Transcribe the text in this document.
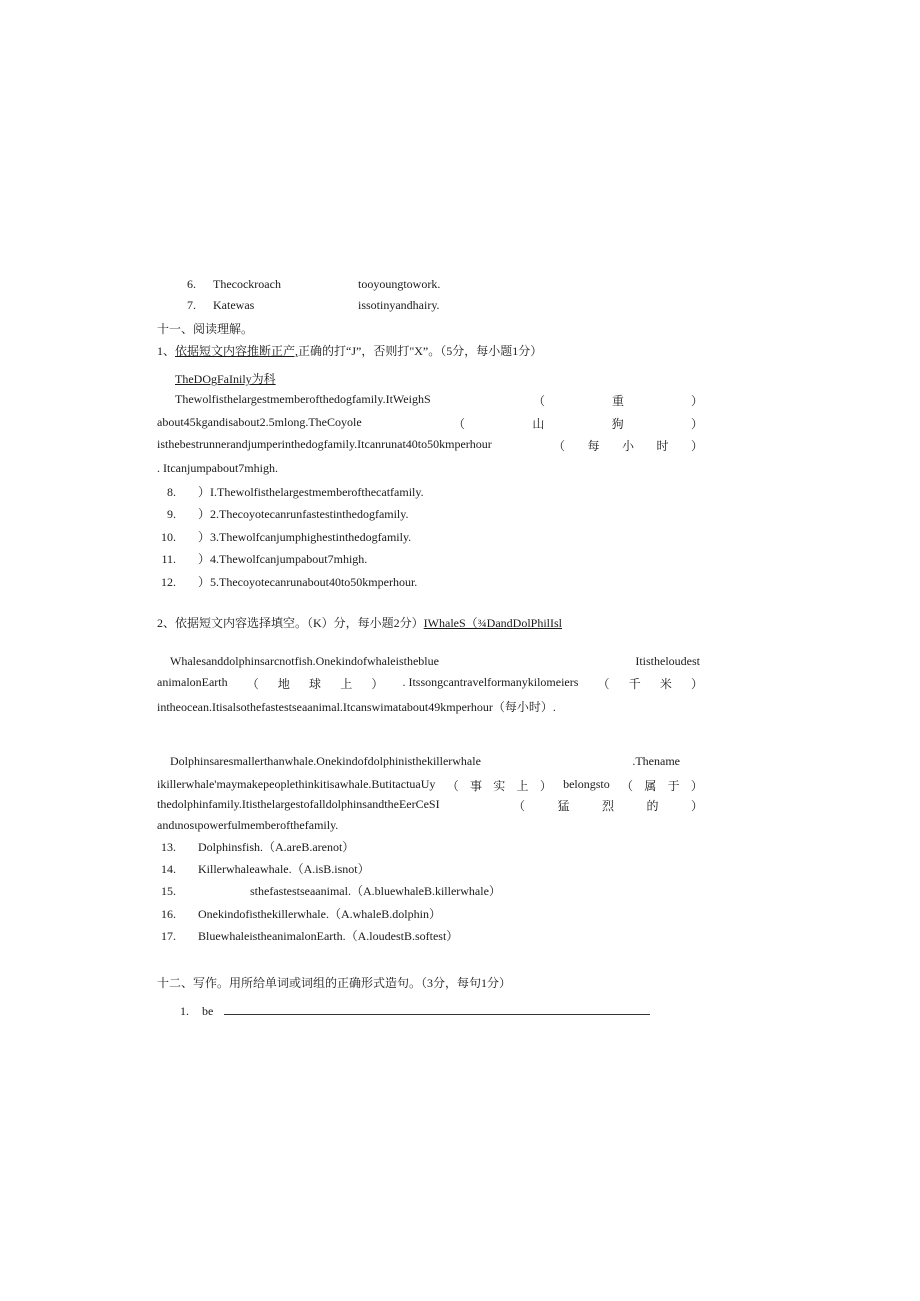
6. Thecockroach	tooyoungtowork.
7. Katewas	issotinyandhairy.
十一、阅读理解。
1、依据短文内容推断正产,正确的打“J”，否则打"X”。（5分，每小题1分）
TheDOgFaInily为科
Thewolfisthelargestmemberofthedogfamily.ItWeighS	（	重	）
about45kgandisabout2.5mlong.TheCoyole	（	山	狗	）
isthebestrunnerandjumperinthedogfamily.Itcanrunat40to50kmperhour	（ 每 小 时 ）
. Itcanjumpabout7mhigh.
8. ）I.Thewolfisthelargestmemberofthecatfamily.
9. ）2.Thecoyotecanrunfastestinthedogfamily.
10. ）3.Thewolfcanjumphighestinthedogfamily.
11. ）4.Thewolfcanjumpabout7mhigh.
12. ）5.Thecoyotecanrunabout40to50kmperhour.
2、依据短文内容选择填空。（K）分，每小题2分）IWhaleS（¾DandDolPhilIsl
Whalesanddolphinsarcnotfish.Onekindofwhaleistheblue	Itistheloudest
animalonEarth （ 地 球 上 ） . Itssongcantravelformanykilomeiers （ 千 米 ）
intheocean.Itisalsothefastestseaanimal.Itcanswimatabout49kmperhour（每小时）.
Dolphinsaresmallerthanwhale.Onekindofdolphinisthekillerwhale	.Thename
ikillerwhale'maymakepeoplethinkitisawhale.ButitactuaUy （ 事 实 上 ） belongsto （ 属 于 ）
thedolphinfamily.ItisthelargestofalldolphinsandtheEerCeSI	（	猛	烈	的	）
andιnosιpowerfulmemberofthefamily.
13. Dolphinsfish.（A.areB.arenot）
14. Killerwhaleawhale.（A.isB.isnot）
15.	sthefastestseaanimal.（A.bluewhaleB.killerwhale）
16. Onekindofisthekillerwhale.（A.whaleB.dolphin）
17. BluewhaleistheanimalonEarth.（A.loudestB.softest）
十二、写作。用所给单词或词组的正确形式造句。（3分，每句1分）
1. be
